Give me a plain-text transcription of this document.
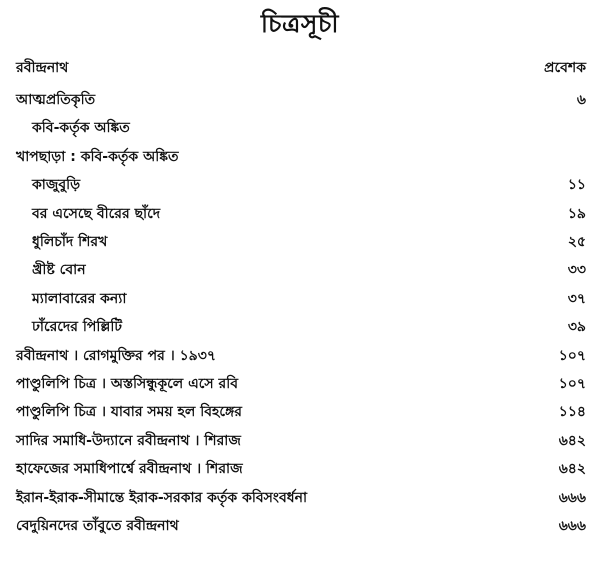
চিত্রসূচী
রবীন্দ্রনাথ	প্রবেশক
আত্মপ্রতিকৃতি	৬
কবি-কর্তৃক অঙ্কিত
খাপছাড়া : কবি-কর্তৃক অঙ্কিত
কাজুবুড়ি	১১
বর এসেছে বীরের ছাঁদে	১৯
ধুলিচাঁদ শিরখ	২৫
খ্রীষ্ট বোন	৩৩
ম্যালাবারের কন্যা	৩৭
ঢাঁরেদের পিল্লিটি	৩৯
রবীন্দ্রনাথ । রোগমুক্তির পর । ১৯৩৭	১০৭
পাণ্ডুলিপি চিত্র । অস্তসিন্ধুকূলে এসে রবি	১০৭
পাণ্ডুলিপি চিত্র । যাবার সময় হল বিহঙ্গের	১১৪
সাদির সমাধি-উদ্যানে রবীন্দ্রনাথ । শিরাজ	৬৪২
হাফেজের সমাধিপার্শ্বে রবীন্দ্রনাথ । শিরাজ	৬৪২
ইরান-ইরাক-সীমান্তে ইরাক-সরকার কর্তৃক কবিসংবর্ধনা	৬৬৬
বেদুয়িনদের তাঁবুতে রবীন্দ্রনাথ	৬৬৬
